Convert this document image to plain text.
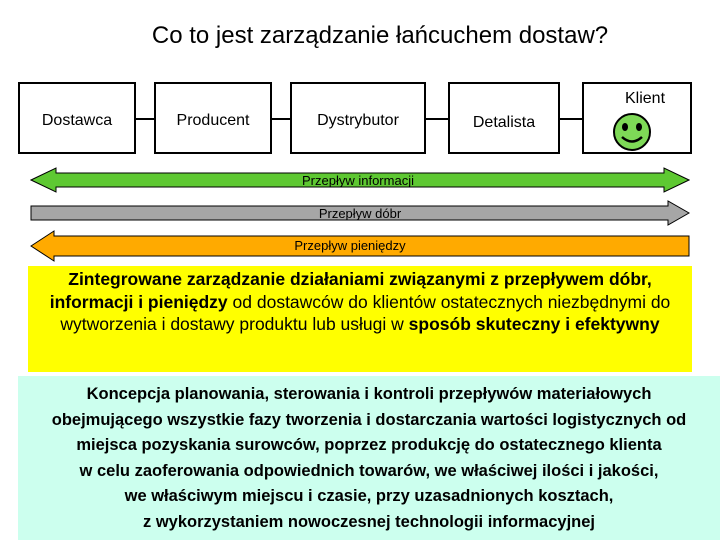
Co to jest zarządzanie łańcuchem dostaw?
Dostawca	Producent	Dystrybutor	Detalista
Klient
Przepływ informacji
Przepływ dóbr
Przepływ pieniędzy
Zintegrowane zarządzanie działaniami związanymi z przepływem dóbr, informacji i pieniędzy od dostawców do klientów ostatecznych niezbędnymi do wytworzenia i dostawy produktu lub usługi w sposób skuteczny i efektywny
Koncepcja planowania, sterowania i kontroli przepływów materiałowych
obejmującego wszystkie fazy tworzenia i dostarczania wartości logistycznych od
miejsca pozyskania surowców, poprzez produkcję do ostatecznego klienta
w celu zaoferowania odpowiednich towarów, we właściwej ilości i jakości,
we właściwym miejscu i czasie, przy uzasadnionych kosztach,
z wykorzystaniem nowoczesnej technologii informacyjnej
